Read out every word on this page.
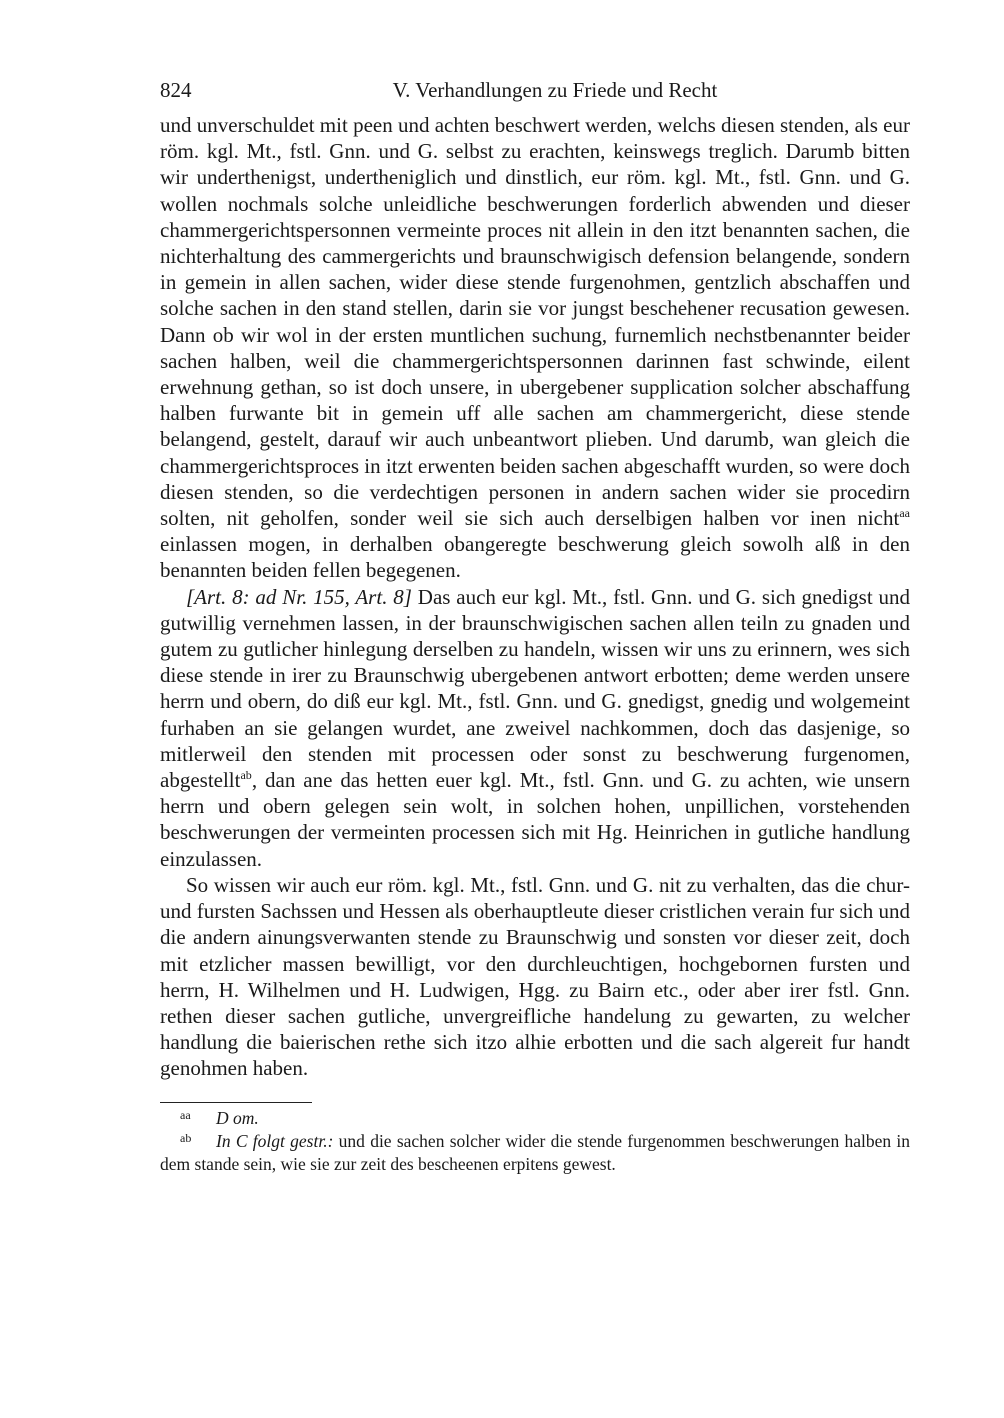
824	V. Verhandlungen zu Friede und Recht

und unverschuldet mit peen und achten beschwert werden, welchs diesen stenden, als eur röm. kgl. Mt., fstl. Gnn. und G. selbst zu erachten, keinswegs treglich. Darumb bitten wir underthenigst, undertheniglich und dinstlich, eur röm. kgl. Mt., fstl. Gnn. und G. wollen nochmals solche unleidliche beschwerungen forderlich abwenden und dieser chammergerichtspersonnen vermeinte proces nit allein in den itzt benannten sachen, die nichterhaltung des cammergerichts und braunschwigisch defension belangende, sondern in gemein in allen sachen, wider diese stende furgenohmen, gentzlich abschaffen und solche sachen in den stand stellen, darin sie vor jungst beschehener recusation gewesen. Dann ob wir wol in der ersten muntlichen suchung, furnemlich nechstbenannter beider sachen halben, weil die chammergerichtspersonnen darinnen fast schwinde, eilent erwehnung gethan, so ist doch unsere, in ubergebener supplication solcher abschaffung halben furwante bit in gemein uff alle sachen am chammergericht, diese stende belangend, gestelt, darauf wir auch unbeantwort plieben. Und darumb, wan gleich die chammergerichtsproces in itzt erwenten beiden sachen abgeschafft wurden, so were doch diesen stenden, so die verdechtigen personen in andern sachen wider sie procedirn solten, nit geholfen, sonder weil sie sich auch derselbigen halben vor inen nicht$^{aa}$ einlassen mogen, in derhalben obangeregte beschwerung gleich sowolh alß in den benannten beiden fellen begegenen.

[Art. 8: ad Nr. 155, Art. 8] Das auch eur kgl. Mt., fstl. Gnn. und G. sich gnedigst und gutwillig vernehmen lassen, in der braunschwigischen sachen allen teiln zu gnaden und gutem zu gutlicher hinlegung derselben zu handeln, wissen wir uns zu erinnern, wes sich diese stende in irer zu Braunschwig ubergebenen antwort erbotten; deme werden unsere herrn und obern, do diß eur kgl. Mt., fstl. Gnn. und G. gnedigst, gnedig und wolgemeint furhaben an sie gelangen wurdet, ane zweivel nachkommen, doch das dasjenige, so mitlerweil den stenden mit processen oder sonst zu beschwerung furgenomen, abgestellt$^{ab}$, dan ane das hetten euer kgl. Mt., fstl. Gnn. und G. zu achten, wie unsern herrn und obern gelegen sein wolt, in solchen hohen, unpillichen, vorstehenden beschwerungen der vermeinten processen sich mit Hg. Heinrichen in gutliche handlung einzulassen.

So wissen wir auch eur röm. kgl. Mt., fstl. Gnn. und G. nit zu verhalten, das die chur- und fursten Sachssen und Hessen als oberhauptleute dieser cristlichen verain fur sich und die andern ainungsverwanten stende zu Braunschwig und sonsten vor dieser zeit, doch mit etzlicher massen bewilligt, vor den durchleuchtigen, hochgebornen fursten und herrn, H. Wilhelmen und H. Ludwigen, Hgg. zu Bairn etc., oder aber irer fstl. Gnn. rethen dieser sachen gutliche, unvergreifliche handelung zu gewarten, zu welcher handlung die baierischen rethe sich itzo alhie erbotten und die sach algereit fur handt genohmen haben.

aa D om.

ab In C folgt gestr.: und die sachen solcher wider die stende furgenommen beschwerungen halben in dem stande sein, wie sie zur zeit des bescheenen erpitens gewest.
